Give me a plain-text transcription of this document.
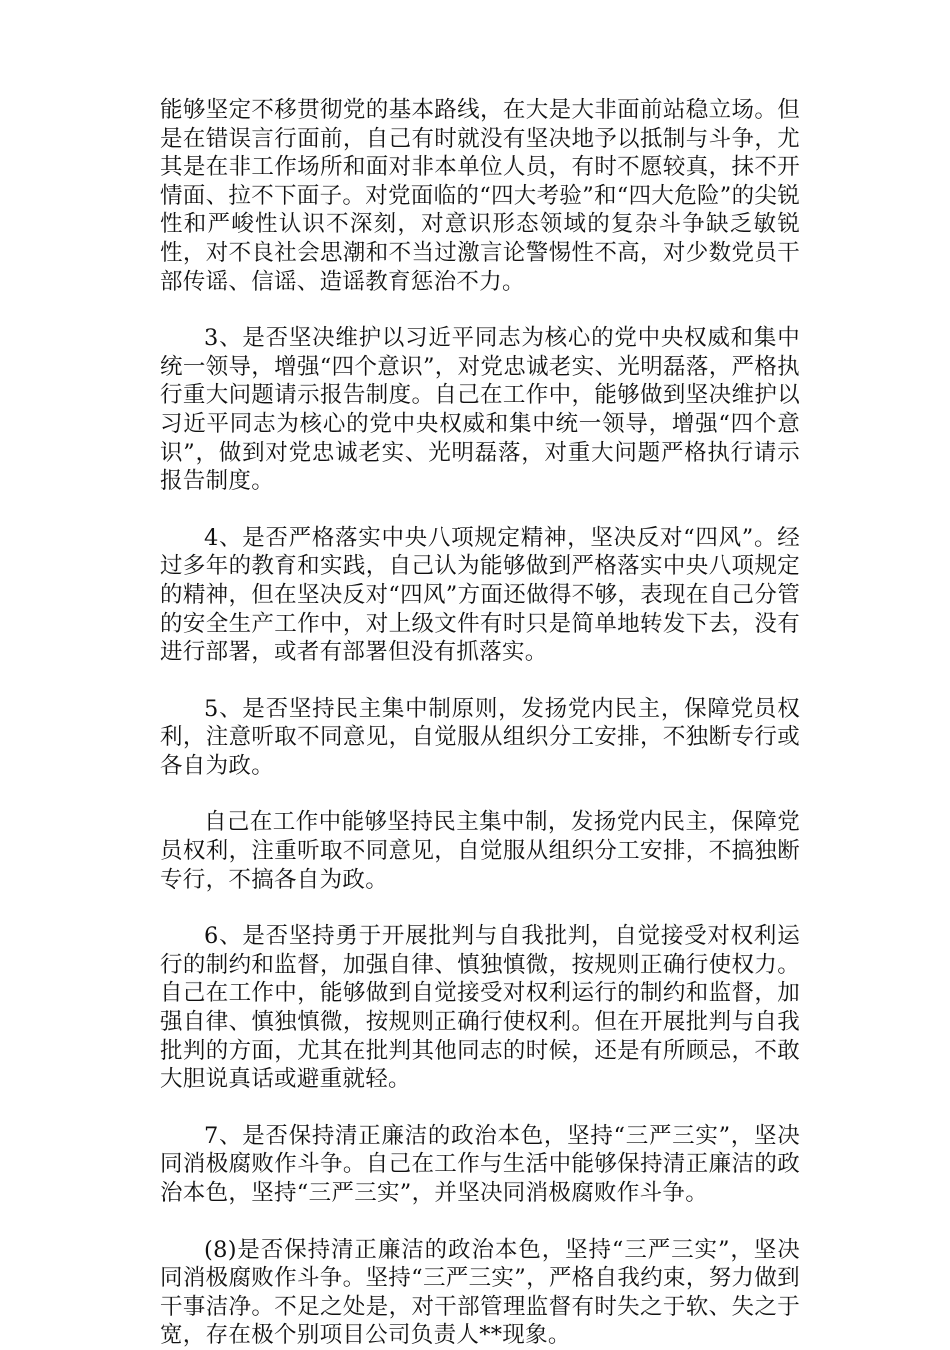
能够坚定不移贯彻党的基本路线，在大是大非面前站稳立场。但是在错误言行面前，自己有时就没有坚决地予以抵制与斗争，尤其是在非工作场所和面对非本单位人员，有时不愿较真，抹不开情面、拉不下面子。对党面临的“四大考验”和“四大危险”的尖锐性和严峻性认识不深刻，对意识形态领域的复杂斗争缺乏敏锐性，对不良社会思潮和不当过激言论警惕性不高，对少数党员干部传谣、信谣、造谣教育惩治不力。

3、是否坚决维护以习近平同志为核心的党中央权威和集中统一领导，增强“四个意识”，对党忠诚老实、光明磊落，严格执行重大问题请示报告制度。自己在工作中，能够做到坚决维护以习近平同志为核心的党中央权威和集中统一领导，增强“四个意识”，做到对党忠诚老实、光明磊落，对重大问题严格执行请示报告制度。

4、是否严格落实中央八项规定精神，坚决反对“四风”。经过多年的教育和实践，自己认为能够做到严格落实中央八项规定的精神，但在坚决反对“四风”方面还做得不够，表现在自己分管的安全生产工作中，对上级文件有时只是简单地转发下去，没有进行部署，或者有部署但没有抓落实。

5、是否坚持民主集中制原则，发扬党内民主，保障党员权利，注意听取不同意见，自觉服从组织分工安排，不独断专行或各自为政。

自己在工作中能够坚持民主集中制，发扬党内民主，保障党员权利，注重听取不同意见，自觉服从组织分工安排，不搞独断专行，不搞各自为政。

6、是否坚持勇于开展批判与自我批判，自觉接受对权利运行的制约和监督，加强自律、慎独慎微，按规则正确行使权力。自己在工作中，能够做到自觉接受对权利运行的制约和监督，加强自律、慎独慎微，按规则正确行使权利。但在开展批判与自我批判的方面，尤其在批判其他同志的时候，还是有所顾忌，不敢大胆说真话或避重就轻。

7、是否保持清正廉洁的政治本色，坚持“三严三实”，坚决同消极腐败作斗争。自己在工作与生活中能够保持清正廉洁的政治本色，坚持“三严三实”，并坚决同消极腐败作斗争。

(8)是否保持清正廉洁的政治本色，坚持“三严三实”，坚决同消极腐败作斗争。坚持“三严三实”，严格自我约束，努力做到干事洁净。不足之处是，对干部管理监督有时失之于软、失之于宽，存在极个别项目公司负责人**现象。
